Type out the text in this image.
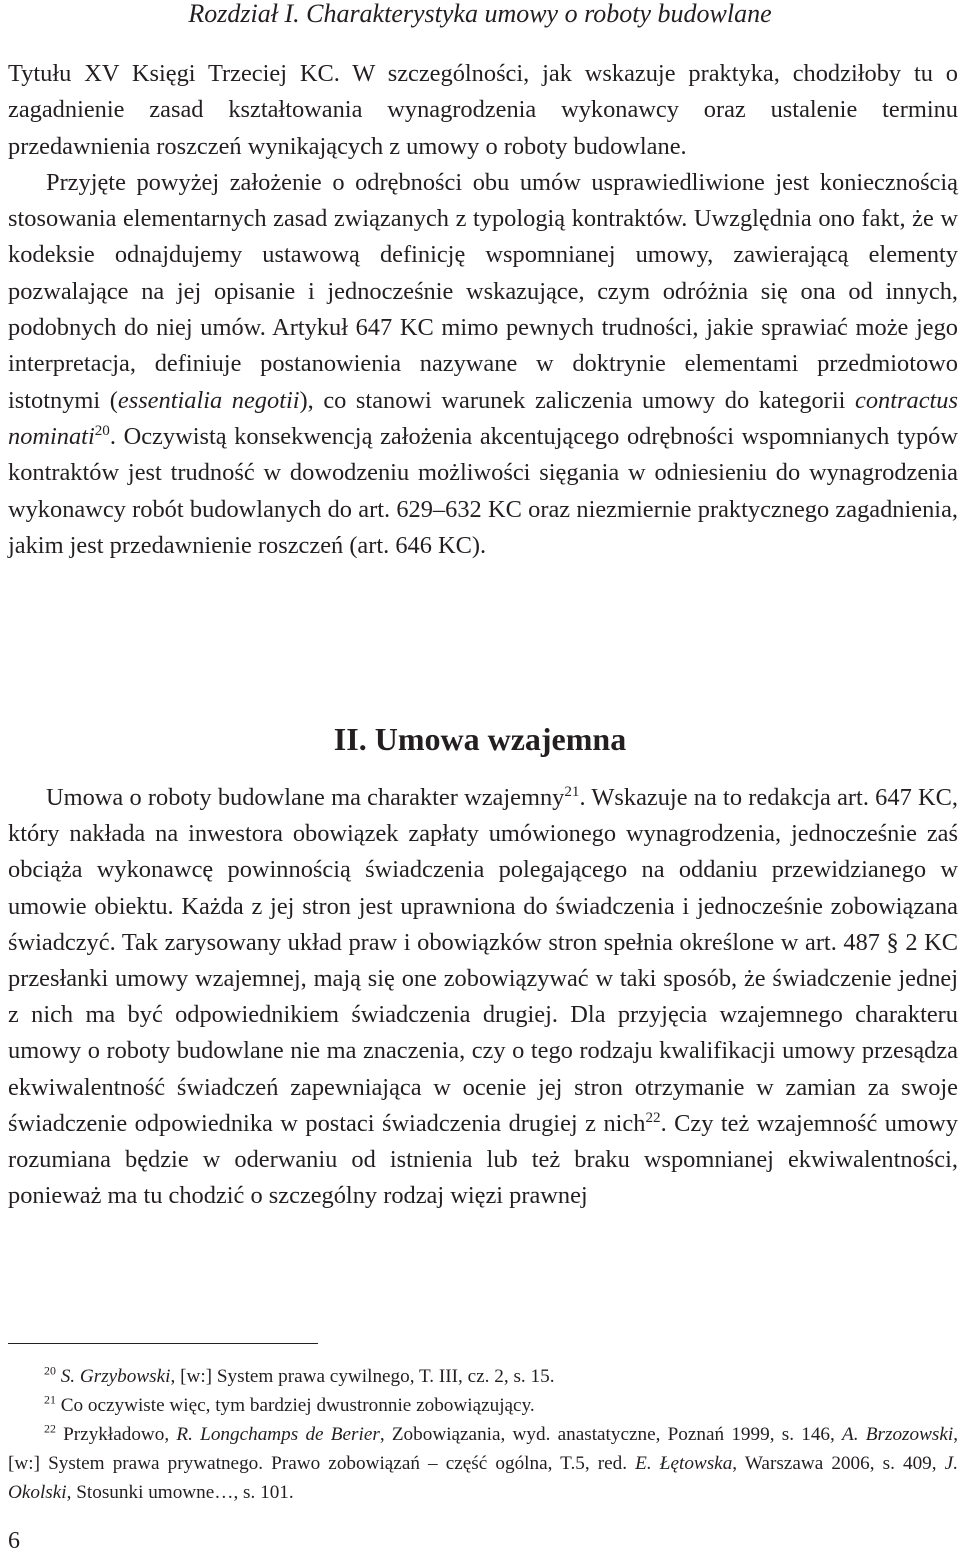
Rozdział I. Charakterystyka umowy o roboty budowlane

Tytułu XV Księgi Trzeciej KC. W szczególności, jak wskazuje praktyka, chodziłoby tu o zagadnienie zasad kształtowania wynagrodzenia wykonawcy oraz ustalenie terminu przedawnienia roszczeń wynikających z umowy o roboty budowlane.

Przyjęte powyżej założenie o odrębności obu umów usprawiedliwione jest koniecznością stosowania elementarnych zasad związanych z typologią kontraktów. Uwzględnia ono fakt, że w kodeksie odnajdujemy ustawową definicję wspomnianej umowy, zawierającą elementy pozwalające na jej opisanie i jednocześnie wskazujące, czym odróżnia się ona od innych, podobnych do niej umów. Artykuł 647 KC mimo pewnych trudności, jakie sprawiać może jego interpretacja, definiuje postanowienia nazywane w doktrynie elementami przedmiotowo istotnymi (essentialia negotii), co stanowi warunek zaliczenia umowy do kategorii contractus nominati$^{20}$. Oczywistą konsekwencją założenia akcentującego odrębności wspomnianych typów kontraktów jest trudność w dowodzeniu możliwości sięgania w odniesieniu do wynagrodzenia wykonawcy robót budowlanych do art. 629–632 KC oraz niezmiernie praktycznego zagadnienia, jakim jest przedawnienie roszczeń (art. 646 KC).

II. Umowa wzajemna

Umowa o roboty budowlane ma charakter wzajemny$^{21}$. Wskazuje na to redakcja art. 647 KC, który nakłada na inwestora obowiązek zapłaty umówionego wynagrodzenia, jednocześnie zaś obciąża wykonawcę powinnością świadczenia polegającego na oddaniu przewidzianego w umowie obiektu. Każda z jej stron jest uprawniona do świadczenia i jednocześnie zobowiązana świadczyć. Tak zarysowany układ praw i obowiązków stron spełnia określone w art. 487 § 2 KC przesłanki umowy wzajemnej, mają się one zobowiązywać w taki sposób, że świadczenie jednej z nich ma być odpowiednikiem świadczenia drugiej. Dla przyjęcia wzajemnego charakteru umowy o roboty budowlane nie ma znaczenia, czy o tego rodzaju kwalifikacji umowy przesądza ekwiwalentność świadczeń zapewniająca w ocenie jej stron otrzymanie w zamian za swoje świadczenie odpowiednika w postaci świadczenia drugiej z nich$^{22}$. Czy też wzajemność umowy rozumiana będzie w oderwaniu od istnienia lub też braku wspomnianej ekwiwalentności, ponieważ ma tu chodzić o szczególny rodzaj więzi prawnej

$^{20}$ S. Grzybowski, [w:] System prawa cywilnego, T. III, cz. 2, s. 15.

$^{21}$ Co oczywiste więc, tym bardziej dwustronnie zobowiązujący.

$^{22}$ Przykładowo, R. Longchamps de Berier, Zobowiązania, wyd. anastatyczne, Poznań 1999, s. 146, A. Brzozowski, [w:] System prawa prywatnego. Prawo zobowiązań – część ogólna, T.5, red. E. Łętowska, Warszawa 2006, s. 409, J. Okolski, Stosunki umowne…, s. 101.

6
